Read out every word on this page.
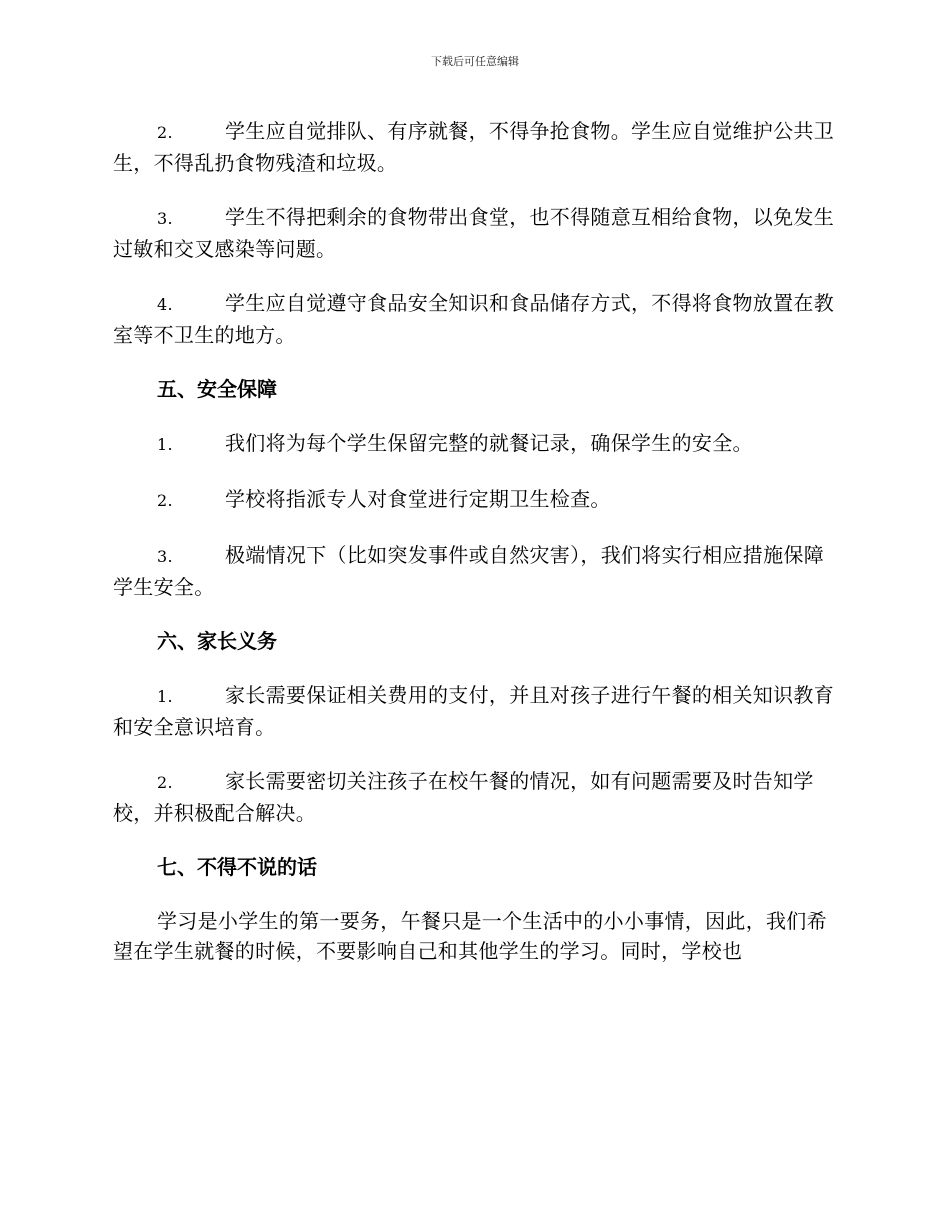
下载后可任意编辑

2.	学生应自觉排队、有序就餐，不得争抢食物。学生应自觉维护公共卫生，不得乱扔食物残渣和垃圾。

3.	学生不得把剩余的食物带出食堂，也不得随意互相给食物，以免发生过敏和交叉感染等问题。

4.	学生应自觉遵守食品安全知识和食品储存方式，不得将食物放置在教室等不卫生的地方。

五、安全保障

1.	我们将为每个学生保留完整的就餐记录，确保学生的安全。

2.	学校将指派专人对食堂进行定期卫生检查。

3.	极端情况下（比如突发事件或自然灾害），我们将实行相应措施保障学生安全。

六、家长义务

1.	家长需要保证相关费用的支付，并且对孩子进行午餐的相关知识教育和安全意识培育。

2.	家长需要密切关注孩子在校午餐的情况，如有问题需要及时告知学校，并积极配合解决。

七、不得不说的话

学习是小学生的第一要务，午餐只是一个生活中的小小事情，因此，我们希望在学生就餐的时候，不要影响自己和其他学生的学习。同时，学校也
